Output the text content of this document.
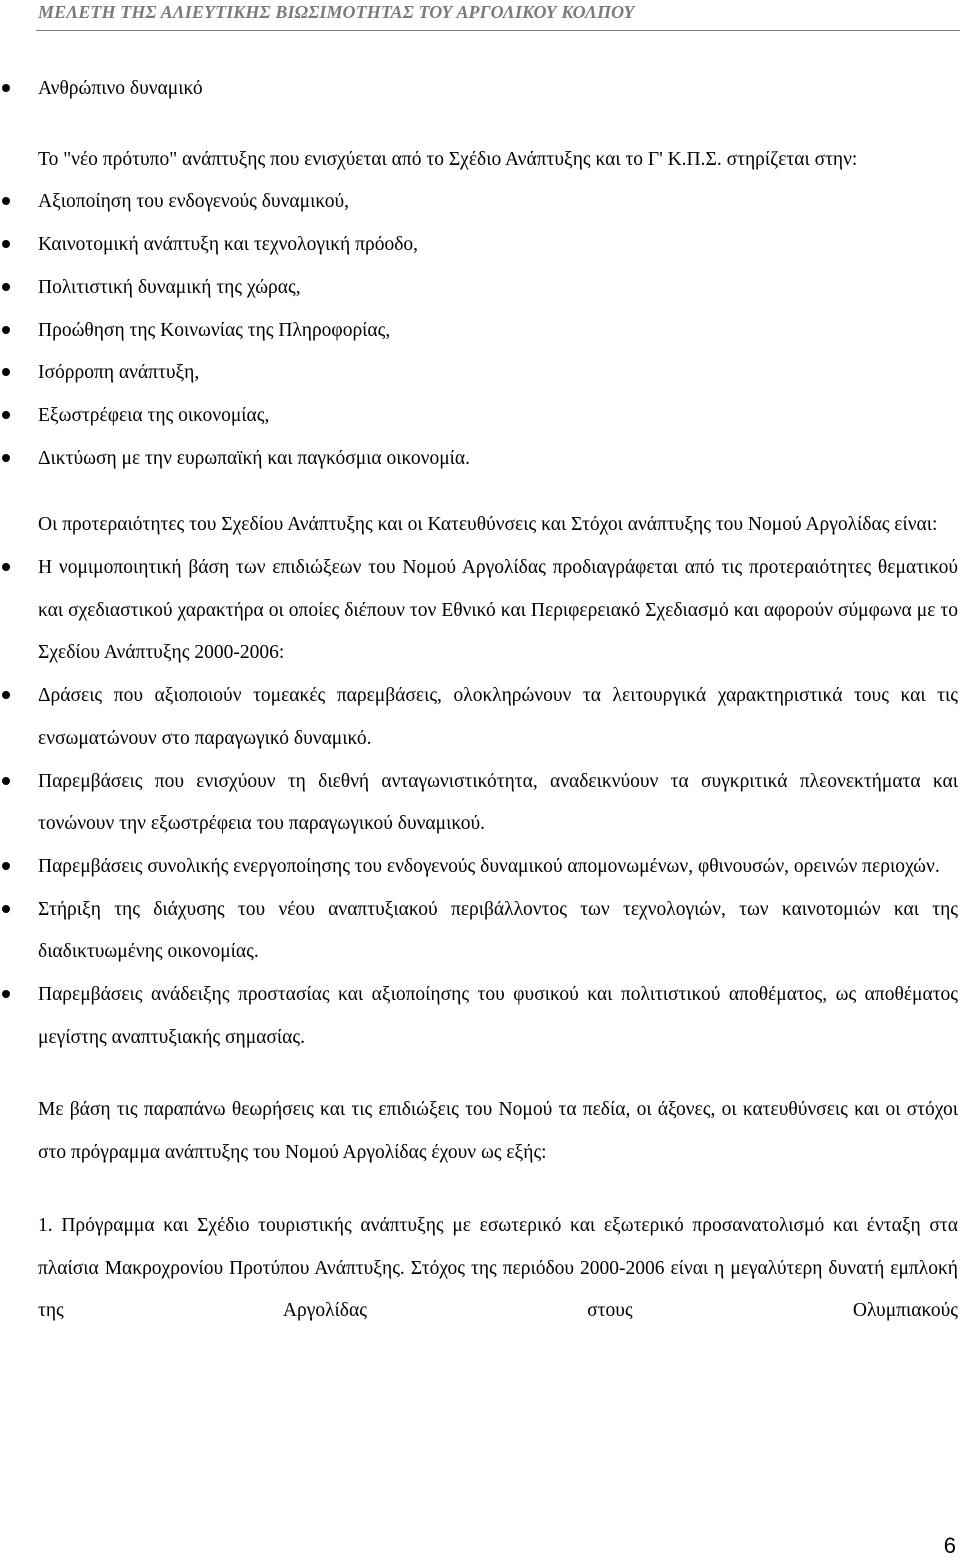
ΜΕΛΕΤΗ ΤΗΣ ΑΛΙΕΥΤΙΚΗΣ ΒΙΩΣΙΜΟΤΗΤΑΣ ΤΟΥ ΑΡΓΟΛΙΚΟΥ ΚΟΛΠΟΥ
Ανθρώπινο δυναμικό

Το "νέο πρότυπο" ανάπτυξης που ενισχύεται από το Σχέδιο Ανάπτυξης και το Γ' Κ.Π.Σ. στηρίζεται στην:

Αξιοποίηση του ενδογενούς δυναμικού,
Καινοτομική ανάπτυξη και τεχνολογική πρόοδο,
Πολιτιστική δυναμική της χώρας,
Προώθηση της Κοινωνίας της Πληροφορίας,
Ισόρροπη ανάπτυξη,
Εξωστρέφεια της οικονομίας,
Δικτύωση με την ευρωπαϊκή και παγκόσμια οικονομία.

Οι προτεραιότητες του Σχεδίου Ανάπτυξης και οι Κατευθύνσεις και Στόχοι ανάπτυξης του Νομού Αργολίδας είναι:

Η νομιμοποιητική βάση των επιδιώξεων του Νομού Αργολίδας προδιαγράφεται από τις προτεραιότητες θεματικού και σχεδιαστικού χαρακτήρα οι οποίες διέπουν τον Εθνικό και Περιφερειακό Σχεδιασμό και αφορούν σύμφωνα με το Σχεδίου Ανάπτυξης 2000-2006:
Δράσεις που αξιοποιούν τομεακές παρεμβάσεις, ολοκληρώνουν τα λειτουργικά χαρακτηριστικά τους και τις ενσωματώνουν στο παραγωγικό δυναμικό.
Παρεμβάσεις που ενισχύουν τη διεθνή ανταγωνιστικότητα, αναδεικνύουν τα συγκριτικά πλεονεκτήματα και τονώνουν την εξωστρέφεια του παραγωγικού δυναμικού.
Παρεμβάσεις συνολικής ενεργοποίησης του ενδογενούς δυναμικού απομονωμένων, φθινουσών, ορεινών περιοχών.
Στήριξη της διάχυσης του νέου αναπτυξιακού περιβάλλοντος των τεχνολογιών, των καινοτομιών και της διαδικτυωμένης οικονομίας.
Παρεμβάσεις ανάδειξης προστασίας και αξιοποίησης του φυσικού και πολιτιστικού αποθέματος, ως αποθέματος μεγίστης αναπτυξιακής σημασίας.

Με βάση τις παραπάνω θεωρήσεις και τις επιδιώξεις του Νομού τα πεδία, οι άξονες, οι κατευθύνσεις και οι στόχοι στο πρόγραμμα ανάπτυξης του Νομού Αργολίδας έχουν ως εξής:

1. Πρόγραμμα και Σχέδιο τουριστικής ανάπτυξης με εσωτερικό και εξωτερικό προσανατολισμό και ένταξη στα πλαίσια Μακροχρονίου Προτύπου Ανάπτυξης. Στόχος της περιόδου 2000-2006 είναι η μεγαλύτερη δυνατή εμπλοκή της Αργολίδας στους Ολυμπιακούς

6
